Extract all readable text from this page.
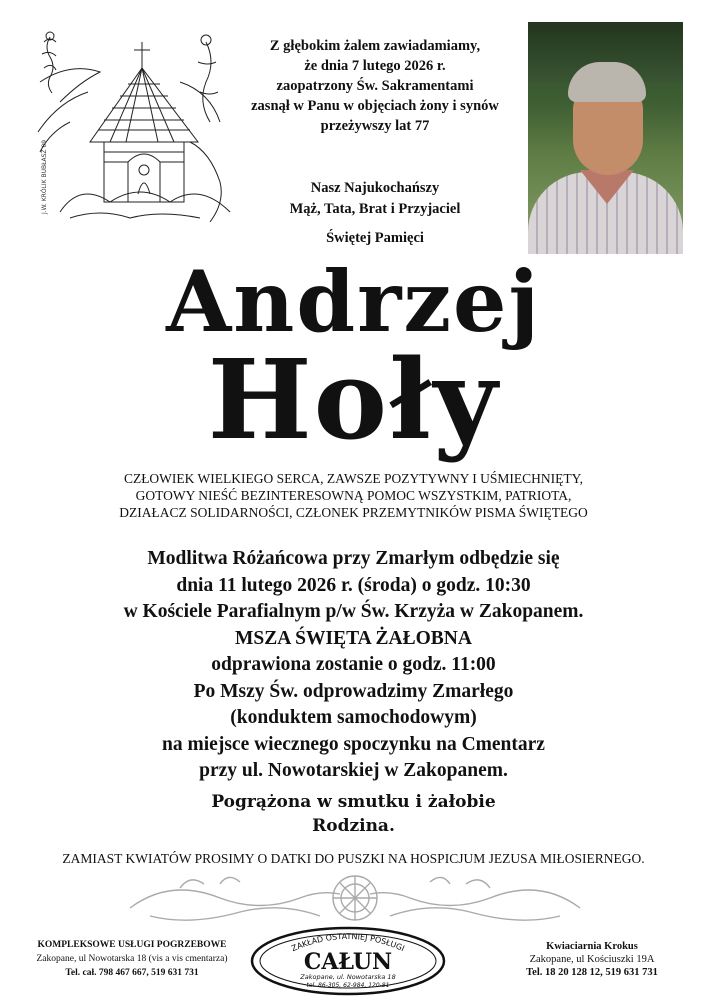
J.W. KRÓLIK BUBŁASZ 09
Z głębokim żalem zawiadamiamy,
że dnia 7 lutego 2026 r.
zaopatrzony Św. Sakramentami
zasnął w Panu w objęciach żony i synów
przeżywszy lat 77
Nasz Najukochańszy
Mąż, Tata, Brat i Przyjaciel
Świętej Pamięci
Andrzej
Hoły
CZŁOWIEK WIELKIEGO SERCA, ZAWSZE POZYTYWNY I UŚMIECHNIĘTY,
GOTOWY NIEŚĆ BEZINTERESOWNĄ POMOC WSZYSTKIM, PATRIOTA,
DZIAŁACZ SOLIDARNOŚCI, CZŁONEK PRZEMYTNIKÓW PISMA ŚWIĘTEGO
Modlitwa Różańcowa przy Zmarłym odbędzie się
dnia 11 lutego 2026 r. (środa) o godz. 10:30
w Kościele Parafialnym p/w Św. Krzyża w Zakopanem.
MSZA ŚWIĘTA ŻAŁOBNA
odprawiona zostanie o godz. 11:00
Po Mszy Św. odprowadzimy Zmarłego
(konduktem samochodowym)
na miejsce wiecznego spoczynku na Cmentarz
przy ul. Nowotarskiej w Zakopanem.
Pogrążona w smutku i żałobie
Rodzina.
ZAMIAST KWIATÓW PROSIMY O DATKI DO PUSZKI NA HOSPICJUM JEZUSA MIŁOSIERNEGO.
KOMPLEKSOWE USŁUGI POGRZEBOWE
Zakopane, ul Nowotarska 18 (vis a vis cmentarza)
Tel. cał. 798 467 667, 519 631 731
ZAKŁAD OSTATNIEJ POSŁUGI
CAŁUN
Zakopane, ul. Nowotarska 18
tel. 86-305, 62-984, 120-81
Kwiaciarnia Krokus
Zakopane, ul Kościuszki 19A
Tel. 18 20 128 12, 519 631 731
